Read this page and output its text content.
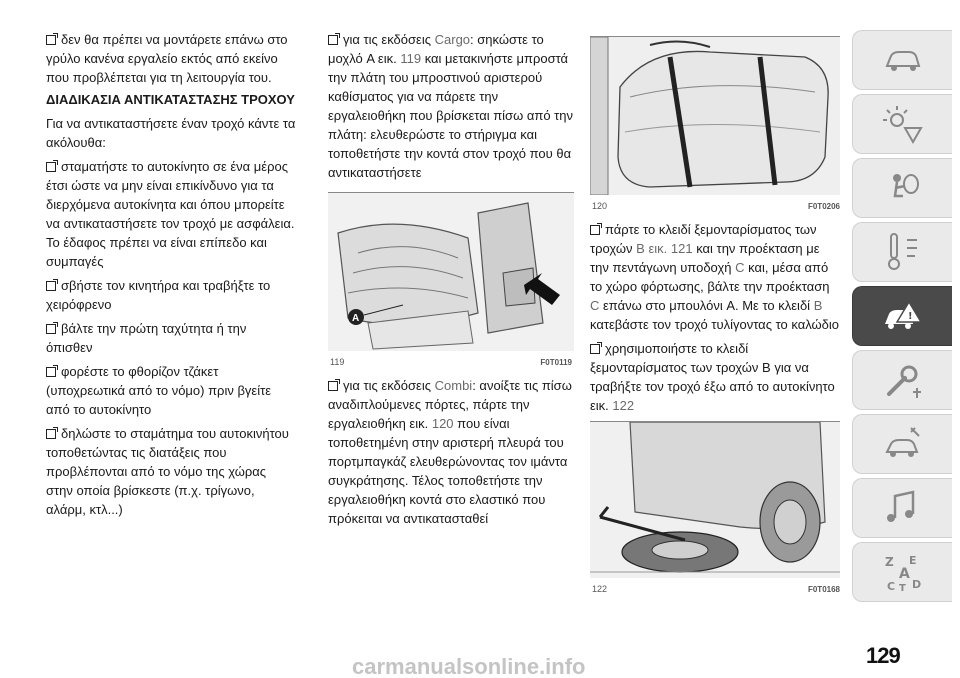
δεν θα πρέπει να μοντάρετε επάνω στο γρύλο κανένα εργαλείο εκτός από εκείνο που προβλέπεται για τη λειτουργία του.

ΔΙΑΔΙΚΑΣΙΑ ΑΝΤΙΚΑΤΑΣΤΑΣΗΣ ΤΡΟΧΟΥ

Για να αντικαταστήσετε έναν τροχό κάντε τα ακόλουθα:

σταματήστε το αυτοκίνητο σε ένα μέρος έτσι ώστε να μην είναι επικίνδυνο για τα διερχόμενα αυτοκίνητα και όπου μπορείτε να αντικαταστήσετε τον τροχό με ασφάλεια. Το έδαφος πρέπει να είναι επίπεδο και συμπαγές

σβήστε τον κινητήρα και τραβήξτε το χειρόφρενο

βάλτε την πρώτη ταχύτητα ή την όπισθεν

φορέστε το φθορίζον τζάκετ (υποχρεωτικά από το νόμο) πριν βγείτε από το αυτοκίνητο

δηλώστε το σταμάτημα του αυτοκινήτου τοποθετώντας τις διατάξεις που προβλέπονται από το νόμο της χώρας στην οποία βρίσκεστε (π.χ. τρίγωνο, αλάρμ, κτλ...)

για τις εκδόσεις Cargo: σηκώστε το μοχλό A εικ. 119 και μετακινήστε μπροστά την πλάτη του μπροστινού αριστερού καθίσματος για να πάρετε την εργαλειοθήκη που βρίσκεται πίσω από την πλάτη: ελευθερώστε το στήριγμα και τοποθετήστε την κοντά στον τροχό που θα αντικαταστήσετε

A
119	F0T0119

για τις εκδόσεις Combi: ανοίξτε τις πίσω αναδιπλούμενες πόρτες, πάρτε την εργαλειοθήκη εικ. 120 που είναι τοποθετημένη στην αριστερή πλευρά του πορτμπαγκάζ ελευθερώνοντας τον ιμάντα συγκράτησης. Τέλος τοποθετήστε την εργαλειοθήκη κοντά στο ελαστικό που πρόκειται να αντικατασταθεί

120	F0T0206

πάρτε το κλειδί ξεμονταρίσματος των τροχών B εικ. 121 και την προέκταση με την πεντάγωνη υποδοχή C και, μέσα από το χώρο φόρτωσης, βάλτε την προέκταση C επάνω στο μπουλόνι A. Με το κλειδί B κατεβάστε τον τροχό τυλίγοντας το καλώδιο

χρησιμοποιήστε το κλειδί ξεμονταρίσματος των τροχών B για να τραβήξτε τον τροχό έξω από το αυτοκίνητο εικ. 122

122	F0T0168
!
Z E
A
C T D
129
carmanualsonline.info
